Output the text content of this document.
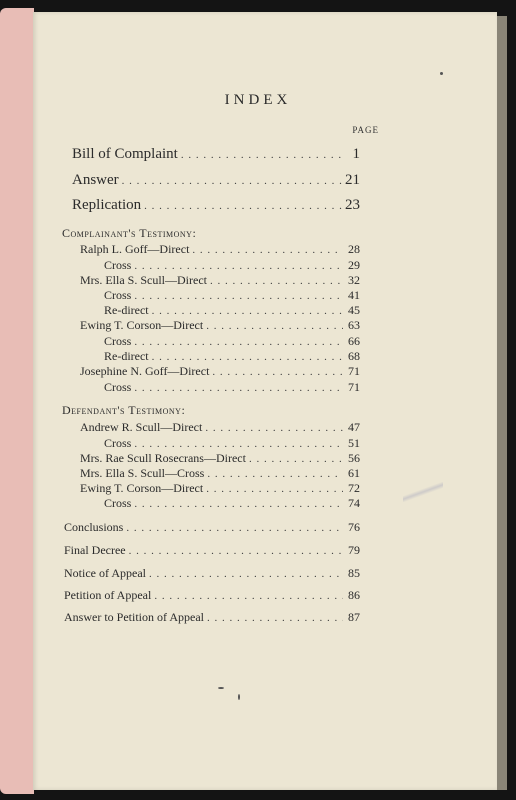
INDEX
PAGE
Bill of Complaint . . .	1
Answer . . .	21
Replication . . .	23
Complainant's Testimony:
Ralph L. Goff—Direct . . .	28
Cross . . .	29
Mrs. Ella S. Scull—Direct . . .	32
Cross . . .	41
Re-direct . . .	45
Ewing T. Corson—Direct . . .	63
Cross . . .	66
Re-direct . . .	68
Josephine N. Goff—Direct . . .	71
Cross . . .	71
Defendant's Testimony:
Andrew R. Scull—Direct . . .	47
Cross . . .	51
Mrs. Rae Scull Rosecrans—Direct . . .	56
Mrs. Ella S. Scull—Cross . . .	61
Ewing T. Corson—Direct . . .	72
Cross . . .	74
Conclusions . . .	76
Final Decree . . .	79
Notice of Appeal . . .	85
Petition of Appeal . . .	86
Answer to Petition of Appeal . . .	87
